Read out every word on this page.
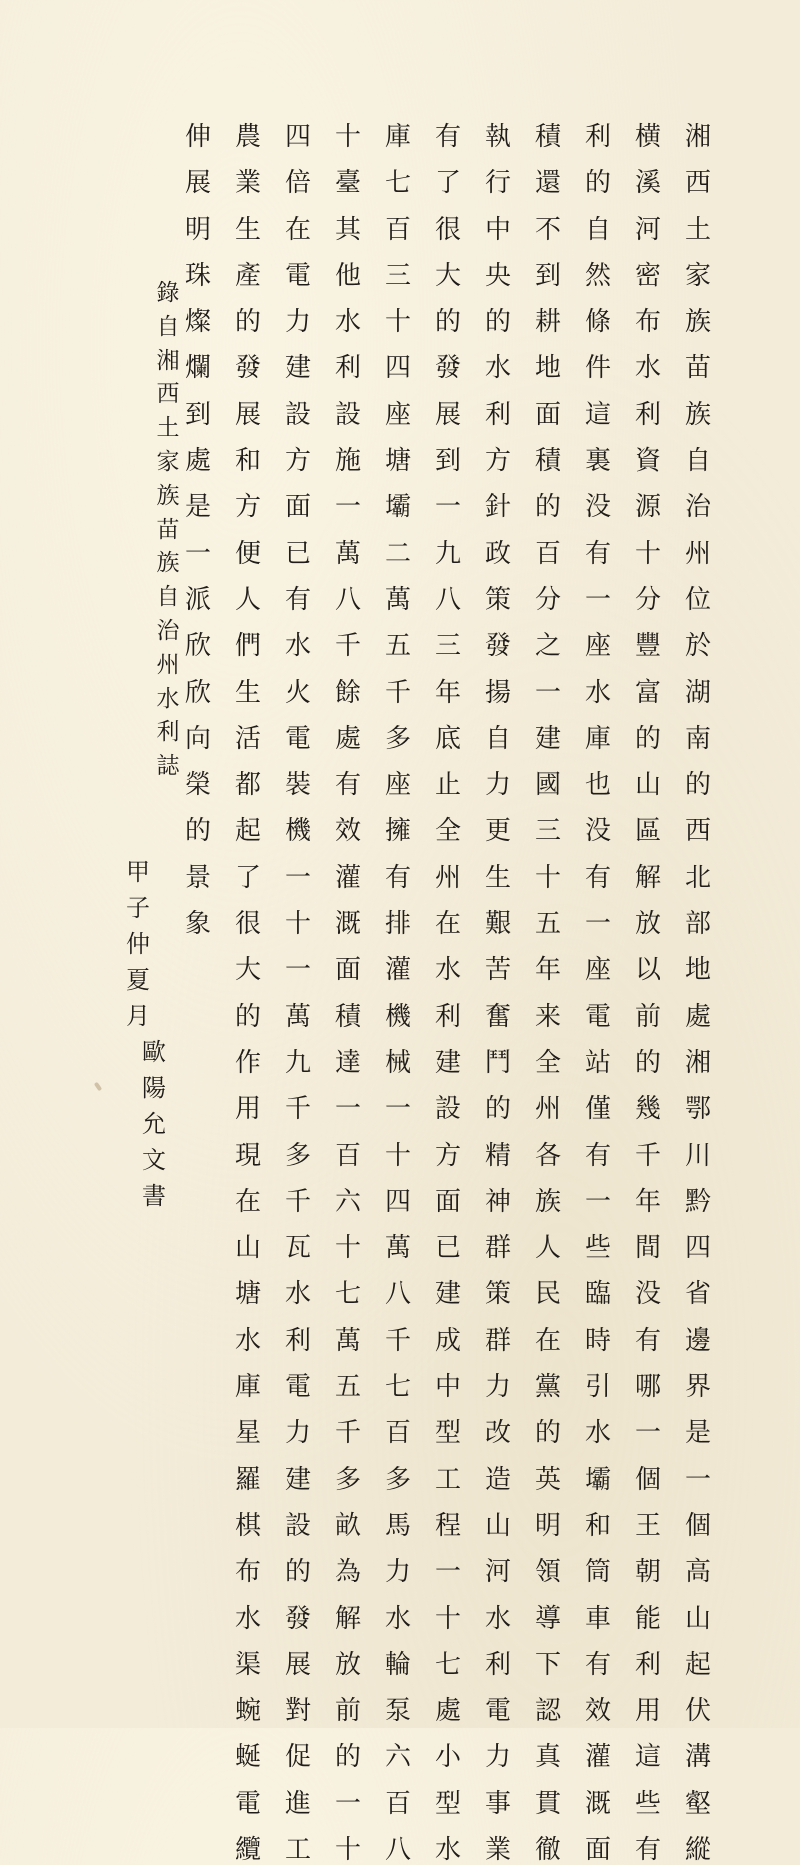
湘
西
土
家
族
苗
族
自
治
州
位
於
湖
南
的
西
北
部
地
處
湘
鄂
川
黔
四
省
邊
界
是
一
個
高
山
起
伏
溝
壑
縱
横
溪
河
密
布
水
利
資
源
十
分
豐
富
的
山
區
解
放
以
前
的
幾
千
年
間
没
有
哪
一
個
王
朝
能
利
用
這
些
有
利
的
自
然
條
件
這
裏
没
有
一
座
水
庫
也
没
有
一
座
電
站
僅
有
一
些
臨
時
引
水
壩
和
筒
車
有
效
灌
溉
面
積
還
不
到
耕
地
面
積
的
百
分
之
一
建
國
三
十
五
年
来
全
州
各
族
人
民
在
黨
的
英
明
領
導
下
認
真
貫
徹
執
行
中
央
的
水
利
方
針
政
策
發
揚
自
力
更
生
艱
苦
奮
鬥
的
精
神
群
策
群
力
改
造
山
河
水
利
電
力
事
業
有
了
很
大
的
發
展
到
一
九
八
三
年
底
止
全
州
在
水
利
建
設
方
面
已
建
成
中
型
工
程
一
十
七
處
小
型
水
庫
七
百
三
十
四
座
塘
壩
二
萬
五
千
多
座
擁
有
排
灌
機
械
一
十
四
萬
八
千
七
百
多
馬
力
水
輪
泵
六
百
八
十
臺
其
他
水
利
設
施
一
萬
八
千
餘
處
有
效
灌
溉
面
積
達
一
百
六
十
七
萬
五
千
多
畝
為
解
放
前
的
一
十
四
倍
在
電
力
建
設
方
面
已
有
水
火
電
裝
機
一
十
一
萬
九
千
多
千
瓦
水
利
電
力
建
設
的
發
展
對
促
進
工
農
業
生
產
的
發
展
和
方
便
人
們
生
活
都
起
了
很
大
的
作
用
現
在
山
塘
水
庫
星
羅
棋
布
水
渠
蜿
蜒
電
纜
伸
展
明
珠
燦
爛
到
處
是
一
派
欣
欣
向
榮
的
景
象
錄
自
湘
西
土
家
族
苗
族
自
治
州
水
利
誌
甲
子
仲
夏
月
歐
陽
允
文
書
